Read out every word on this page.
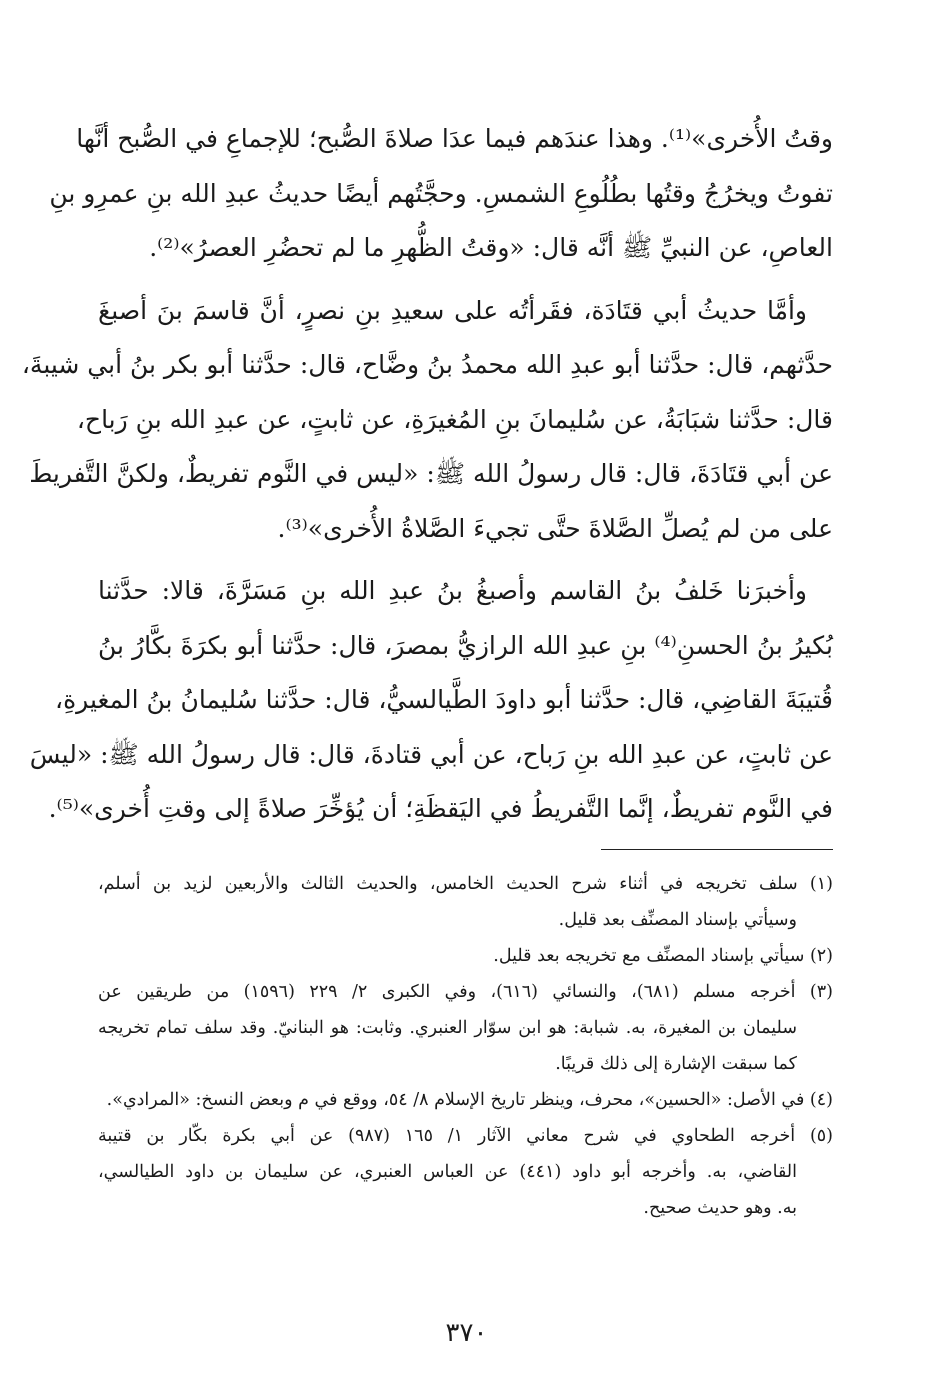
وقتُ الأُخرى»⁽¹⁾. وهذا عندَهم فيما عدَا صلاةَ الصُّبح؛ للإجماعِ في الصُّبح أنَّها
تفوتُ ويخرُجُ وقتُها بطُلُوعِ الشمسِ. وحجَّتُهم أيضًا حديثُ عبدِ الله بنِ عمرِو بنِ
العاصِ، عن النبيِّ ﷺ أنَّه قال: «وقتُ الظُّهرِ ما لم تحضُرِ العصرُ»⁽²⁾.

وأمَّا حديثُ أبي قتَادَة، فقَرأتُه على سعيدِ بنِ نصرٍ، أنَّ قاسمَ بنَ أصبغَ
حدَّثهم، قال: حدَّثنا أبو عبدِ الله محمدُ بنُ وضَّاح، قال: حدَّثنا أبو بكر بنُ أبي شيبةَ،
قال: حدَّثنا شبَابَةُ، عن سُليمانَ بنِ المُغيرَةِ، عن ثابتٍ، عن عبدِ الله بنِ رَباح،
عن أبي قتَادَةَ، قال: قال رسولُ الله ﷺ: «ليس في النَّوم تفريطٌ، ولكنَّ التَّفريطَ
على من لم يُصلِّ الصَّلاةَ حتَّى تجيءَ الصَّلاةُ الأُخرى»⁽³⁾.

وأخبرَنا خَلفُ بنُ القاسم وأصبغُ بنُ عبدِ الله بنِ مَسَرَّةَ، قالا: حدَّثنا
بُكيرُ بنُ الحسنِ⁽⁴⁾ بنِ عبدِ الله الرازيُّ بمصرَ، قال: حدَّثنا أبو بكرَةَ بكَّارُ بنُ
قُتيبَةَ القاضِي، قال: حدَّثنا أبو داودَ الطَّيالسيُّ، قال: حدَّثنا سُليمانُ بنُ المغيرةِ،
عن ثابتٍ، عن عبدِ الله بنِ رَباح، عن أبي قتادةَ، قال: قال رسولُ الله ﷺ: «ليسَ
في النَّوم تفريطٌ، إنَّما التَّفريطُ في اليَقظَةِ؛ أن يُؤخِّرَ صلاةً إلى وقتِ أُخرى»⁽⁵⁾.

(١) سلف تخريجه في أثناء شرح الحديث الخامس، والحديث الثالث والأربعين لزيد بن أسلم،
وسيأتي بإسناد المصنِّف بعد قليل.
(٢) سيأتي بإسناد المصنِّف مع تخريجه بعد قليل.
(٣) أخرجه مسلم (٦٨١)، والنسائي (٦١٦)، وفي الكبرى ٢/ ٢٢٩ (١٥٩٦) من طريقين عن
سليمان بن المغيرة، به. شبابة: هو ابن سوّار العنبري. وثابت: هو البنانيّ. وقد سلف تمام تخريجه
كما سبقت الإشارة إلى ذلك قريبًا.
(٤) في الأصل: «الحسين»، محرف، وينظر تاريخ الإسلام ٨/ ٥٤، ووقع في م وبعض النسخ: «المرادي».
(٥) أخرجه الطحاوي في شرح معاني الآثار ١/ ١٦٥ (٩٨٧) عن أبي بكرة بكّار بن قتيبة
القاضي، به. وأخرجه أبو داود (٤٤١) عن العباس العنبري، عن سليمان بن داود الطيالسي،
به. وهو حديث صحيح.
٣٧٠
